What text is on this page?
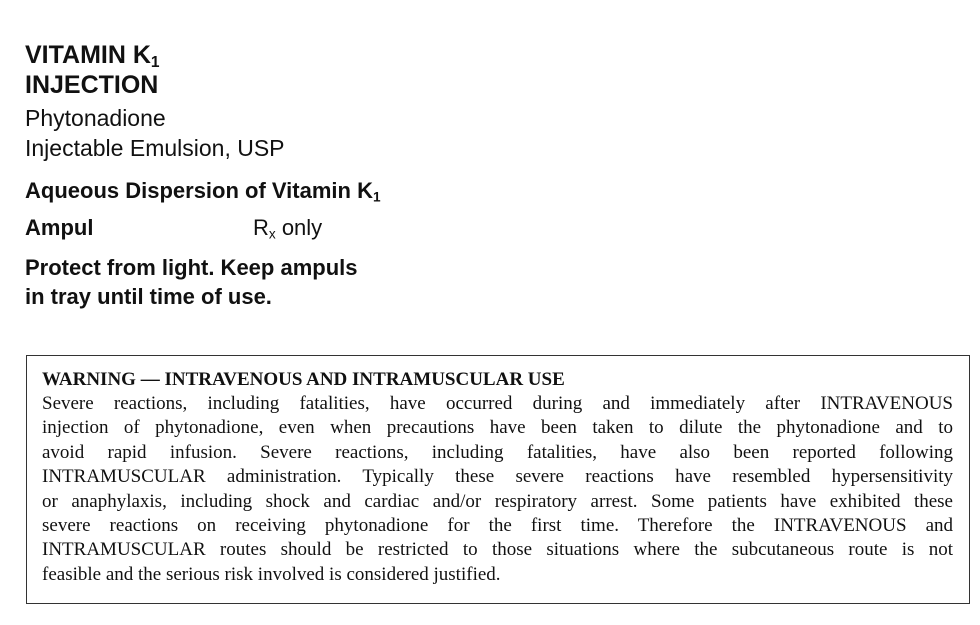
VITAMIN K1
INJECTION
Phytonadione
Injectable Emulsion, USP
Aqueous Dispersion of Vitamin K1
Ampul	Rx only
Protect from light. Keep ampuls
in tray until time of use.
WARNING — INTRAVENOUS AND INTRAMUSCULAR USE
Severe reactions, including fatalities, have occurred during and immediately after INTRAVENOUS
injection of phytonadione, even when precautions have been taken to dilute the phytonadione and to
avoid rapid infusion. Severe reactions, including fatalities, have also been reported following
INTRAMUSCULAR administration. Typically these severe reactions have resembled hypersensitivity
or anaphylaxis, including shock and cardiac and/or respiratory arrest. Some patients have exhibited these
severe reactions on receiving phytonadione for the first time. Therefore the INTRAVENOUS and
INTRAMUSCULAR routes should be restricted to those situations where the subcutaneous route is not
feasible and the serious risk involved is considered justified.
